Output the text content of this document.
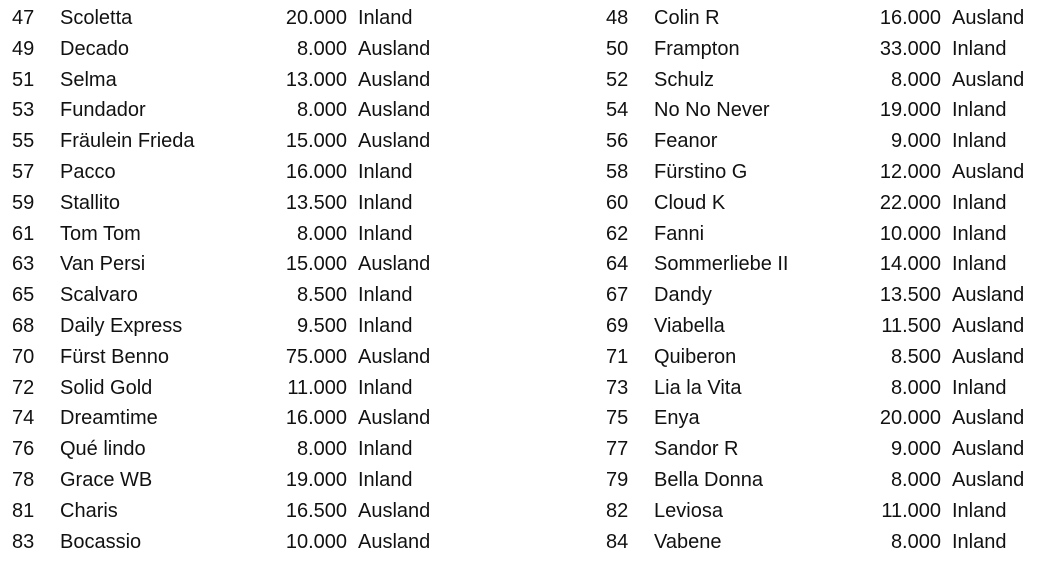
47 Scoletta	20.000 Inland
49 Decado	8.000 Ausland
51 Selma	13.000 Ausland
53 Fundador	8.000 Ausland
55 Fräulein Frieda	15.000 Ausland
57 Pacco	16.000 Inland
59 Stallito	13.500 Inland
61 Tom Tom	8.000 Inland
63 Van Persi	15.000 Ausland
65 Scalvaro	8.500 Inland
68 Daily Express	9.500 Inland
70 Fürst Benno	75.000 Ausland
72 Solid Gold	11.000 Inland
74 Dreamtime	16.000 Ausland
76 Qué lindo	8.000 Inland
78 Grace WB	19.000 Inland
81 Charis	16.500 Ausland
83 Bocassio	10.000 Ausland
48 Colin R	16.000 Ausland
50 Frampton	33.000 Inland
52 Schulz	8.000 Ausland
54 No No Never	19.000 Inland
56 Feanor	9.000 Inland
58 Fürstino G	12.000 Ausland
60 Cloud K	22.000 Inland
62 Fanni	10.000 Inland
64 Sommerliebe II	14.000 Inland
67 Dandy	13.500 Ausland
69 Viabella	11.500 Ausland
71 Quiberon	8.500 Ausland
73 Lia la Vita	8.000 Inland
75 Enya	20.000 Ausland
77 Sandor R	9.000 Ausland
79 Bella Donna	8.000 Ausland
82 Leviosa	11.000 Inland
84 Vabene	8.000 Inland
